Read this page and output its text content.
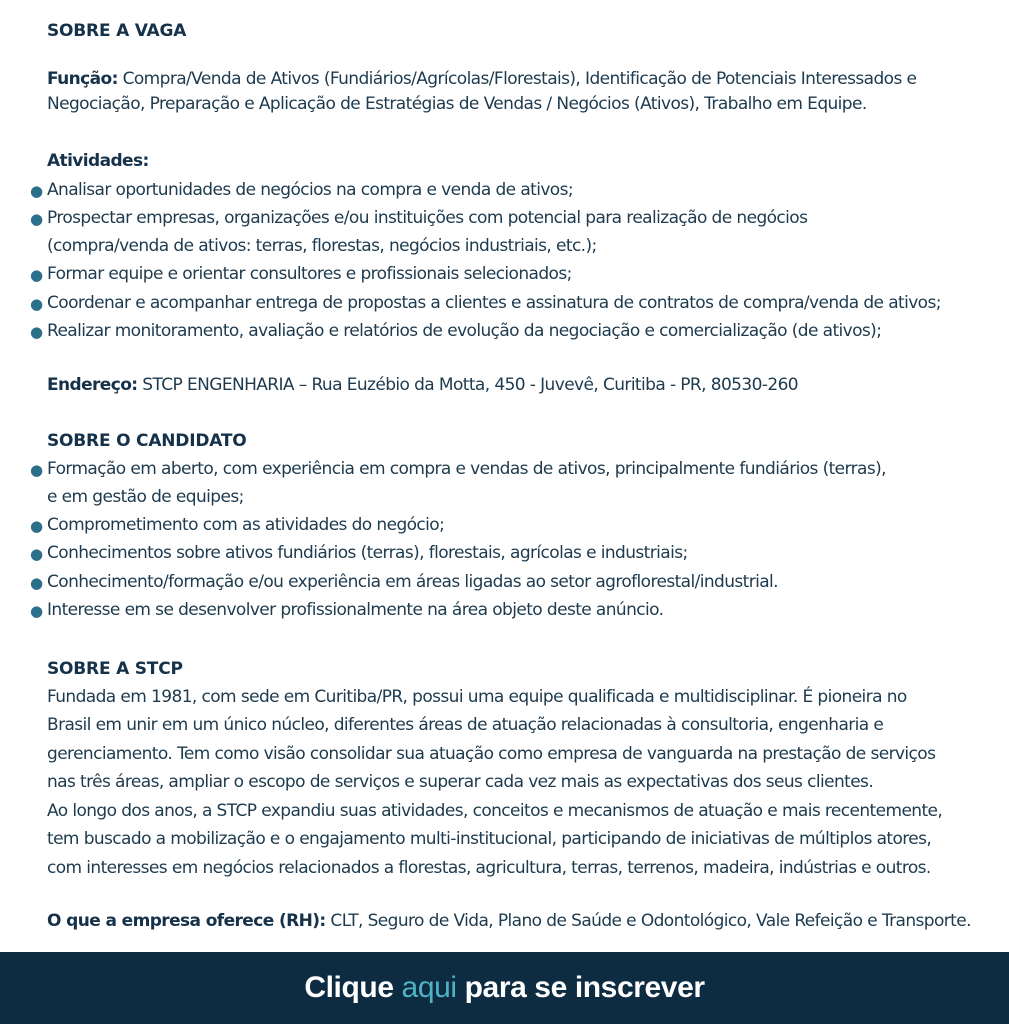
SOBRE A VAGA
Função: Compra/Venda de Ativos (Fundiários/Agrícolas/Florestais), Identificação de Potenciais Interessados e
Negociação, Preparação e Aplicação de Estratégias de Vendas / Negócios (Ativos), Trabalho em Equipe.
Atividades:
● Analisar oportunidades de negócios na compra e venda de ativos;
● Prospectar empresas, organizações e/ou instituições com potencial para realização de negócios
(compra/venda de ativos: terras, florestas, negócios industriais, etc.);
● Formar equipe e orientar consultores e profissionais selecionados;
● Coordenar e acompanhar entrega de propostas a clientes e assinatura de contratos de compra/venda de ativos;
● Realizar monitoramento, avaliação e relatórios de evolução da negociação e comercialização (de ativos);
Endereço: STCP ENGENHARIA – Rua Euzébio da Motta, 450 - Juvevê, Curitiba - PR, 80530-260
SOBRE O CANDIDATO
● Formação em aberto, com experiência em compra e vendas de ativos, principalmente fundiários (terras),
e em gestão de equipes;
● Comprometimento com as atividades do negócio;
● Conhecimentos sobre ativos fundiários (terras), florestais, agrícolas e industriais;
● Conhecimento/formação e/ou experiência em áreas ligadas ao setor agroflorestal/industrial.
● Interesse em se desenvolver profissionalmente na área objeto deste anúncio.
SOBRE A STCP
Fundada em 1981, com sede em Curitiba/PR, possui uma equipe qualificada e multidisciplinar. É pioneira no
Brasil em unir em um único núcleo, diferentes áreas de atuação relacionadas à consultoria, engenharia e
gerenciamento. Tem como visão consolidar sua atuação como empresa de vanguarda na prestação de serviços
nas três áreas, ampliar o escopo de serviços e superar cada vez mais as expectativas dos seus clientes.
Ao longo dos anos, a STCP expandiu suas atividades, conceitos e mecanismos de atuação e mais recentemente,
tem buscado a mobilização e o engajamento multi-institucional, participando de iniciativas de múltiplos atores,
com interesses em negócios relacionados a florestas, agricultura, terras, terrenos, madeira, indústrias e outros.
O que a empresa oferece (RH): CLT, Seguro de Vida, Plano de Saúde e Odontológico, Vale Refeição e Transporte.
Clique aqui para se inscrever
